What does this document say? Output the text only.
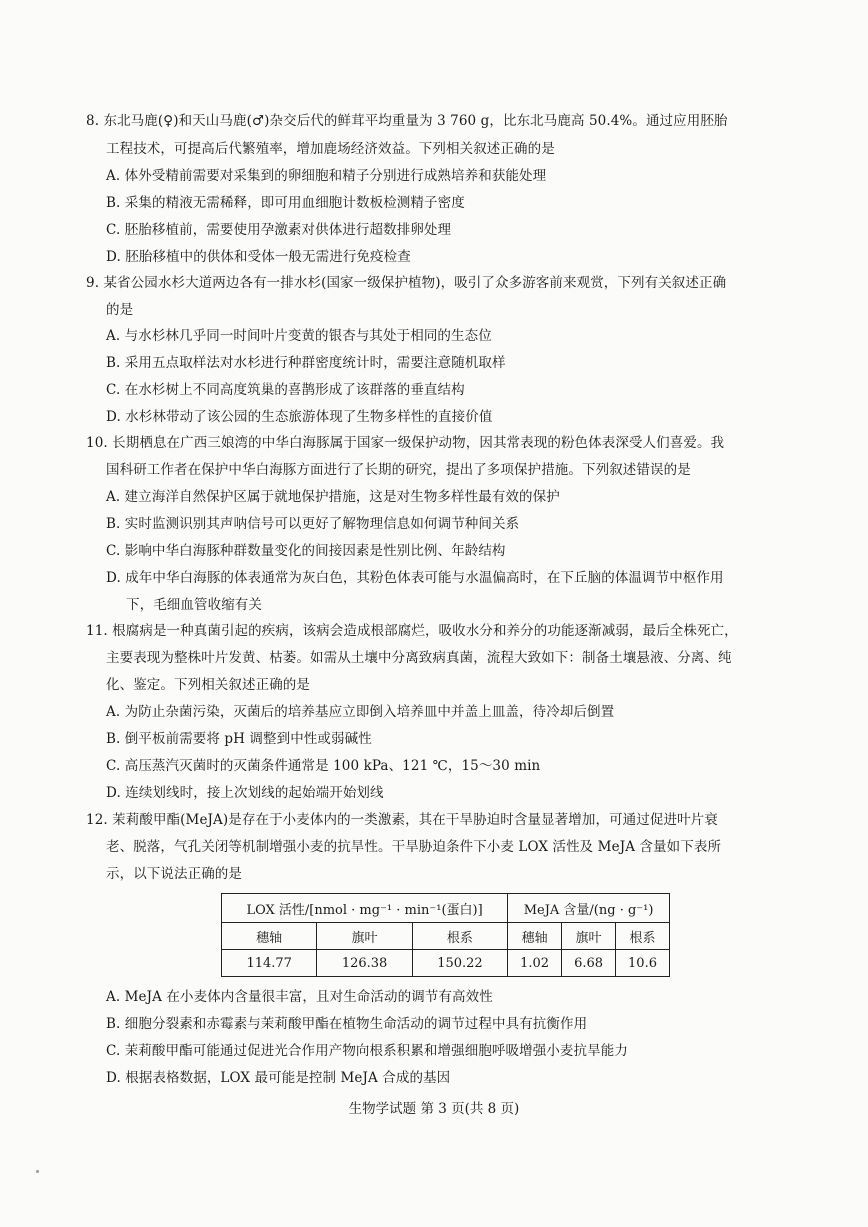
8. 东北马鹿(♀)和天山马鹿(♂)杂交后代的鲜茸平均重量为 3 760 g，比东北马鹿高 50.4%。通过应用胚胎
工程技术，可提高后代繁殖率，增加鹿场经济效益。下列相关叙述正确的是
A. 体外受精前需要对采集到的卵细胞和精子分别进行成熟培养和获能处理
B. 采集的精液无需稀释，即可用血细胞计数板检测精子密度
C. 胚胎移植前，需要使用孕激素对供体进行超数排卵处理
D. 胚胎移植中的供体和受体一般无需进行免疫检查
9. 某省公园水杉大道两边各有一排水杉(国家一级保护植物)，吸引了众多游客前来观赏，下列有关叙述正确
的是
A. 与水杉林几乎同一时间叶片变黄的银杏与其处于相同的生态位
B. 采用五点取样法对水杉进行种群密度统计时，需要注意随机取样
C. 在水杉树上不同高度筑巢的喜鹊形成了该群落的垂直结构
D. 水杉林带动了该公园的生态旅游体现了生物多样性的直接价值
10. 长期栖息在广西三娘湾的中华白海豚属于国家一级保护动物，因其常表现的粉色体表深受人们喜爱。我
国科研工作者在保护中华白海豚方面进行了长期的研究，提出了多项保护措施。下列叙述错误的是
A. 建立海洋自然保护区属于就地保护措施，这是对生物多样性最有效的保护
B. 实时监测识别其声呐信号可以更好了解物理信息如何调节种间关系
C. 影响中华白海豚种群数量变化的间接因素是性别比例、年龄结构
D. 成年中华白海豚的体表通常为灰白色，其粉色体表可能与水温偏高时，在下丘脑的体温调节中枢作用
下，毛细血管收缩有关
11. 根腐病是一种真菌引起的疾病，该病会造成根部腐烂，吸收水分和养分的功能逐渐减弱，最后全株死亡，
主要表现为整株叶片发黄、枯萎。如需从土壤中分离致病真菌，流程大致如下：制备土壤悬液、分离、纯
化、鉴定。下列相关叙述正确的是
A. 为防止杂菌污染，灭菌后的培养基应立即倒入培养皿中并盖上皿盖，待冷却后倒置
B. 倒平板前需要将 pH 调整到中性或弱碱性
C. 高压蒸汽灭菌时的灭菌条件通常是 100 kPa、121 ℃，15～30 min
D. 连续划线时，接上次划线的起始端开始划线
12. 茉莉酸甲酯(MeJA)是存在于小麦体内的一类激素，其在干旱胁迫时含量显著增加，可通过促进叶片衰
老、脱落，气孔关闭等机制增强小麦的抗旱性。干旱胁迫条件下小麦 LOX 活性及 MeJA 含量如下表所
示，以下说法正确的是
LOX 活性/[nmol · mg⁻¹ · min⁻¹(蛋白)]			MeJA 含量/(ng · g⁻¹)		
穗轴	旗叶	根系	穗轴	旗叶	根系
114.77	126.38	150.22	1.02	6.68	10.6
A. MeJA 在小麦体内含量很丰富，且对生命活动的调节有高效性
B. 细胞分裂素和赤霉素与茉莉酸甲酯在植物生命活动的调节过程中具有抗衡作用
C. 茉莉酸甲酯可能通过促进光合作用产物向根系积累和增强细胞呼吸增强小麦抗旱能力
D. 根据表格数据，LOX 最可能是控制 MeJA 合成的基因
生物学试题 第 3 页(共 8 页)
